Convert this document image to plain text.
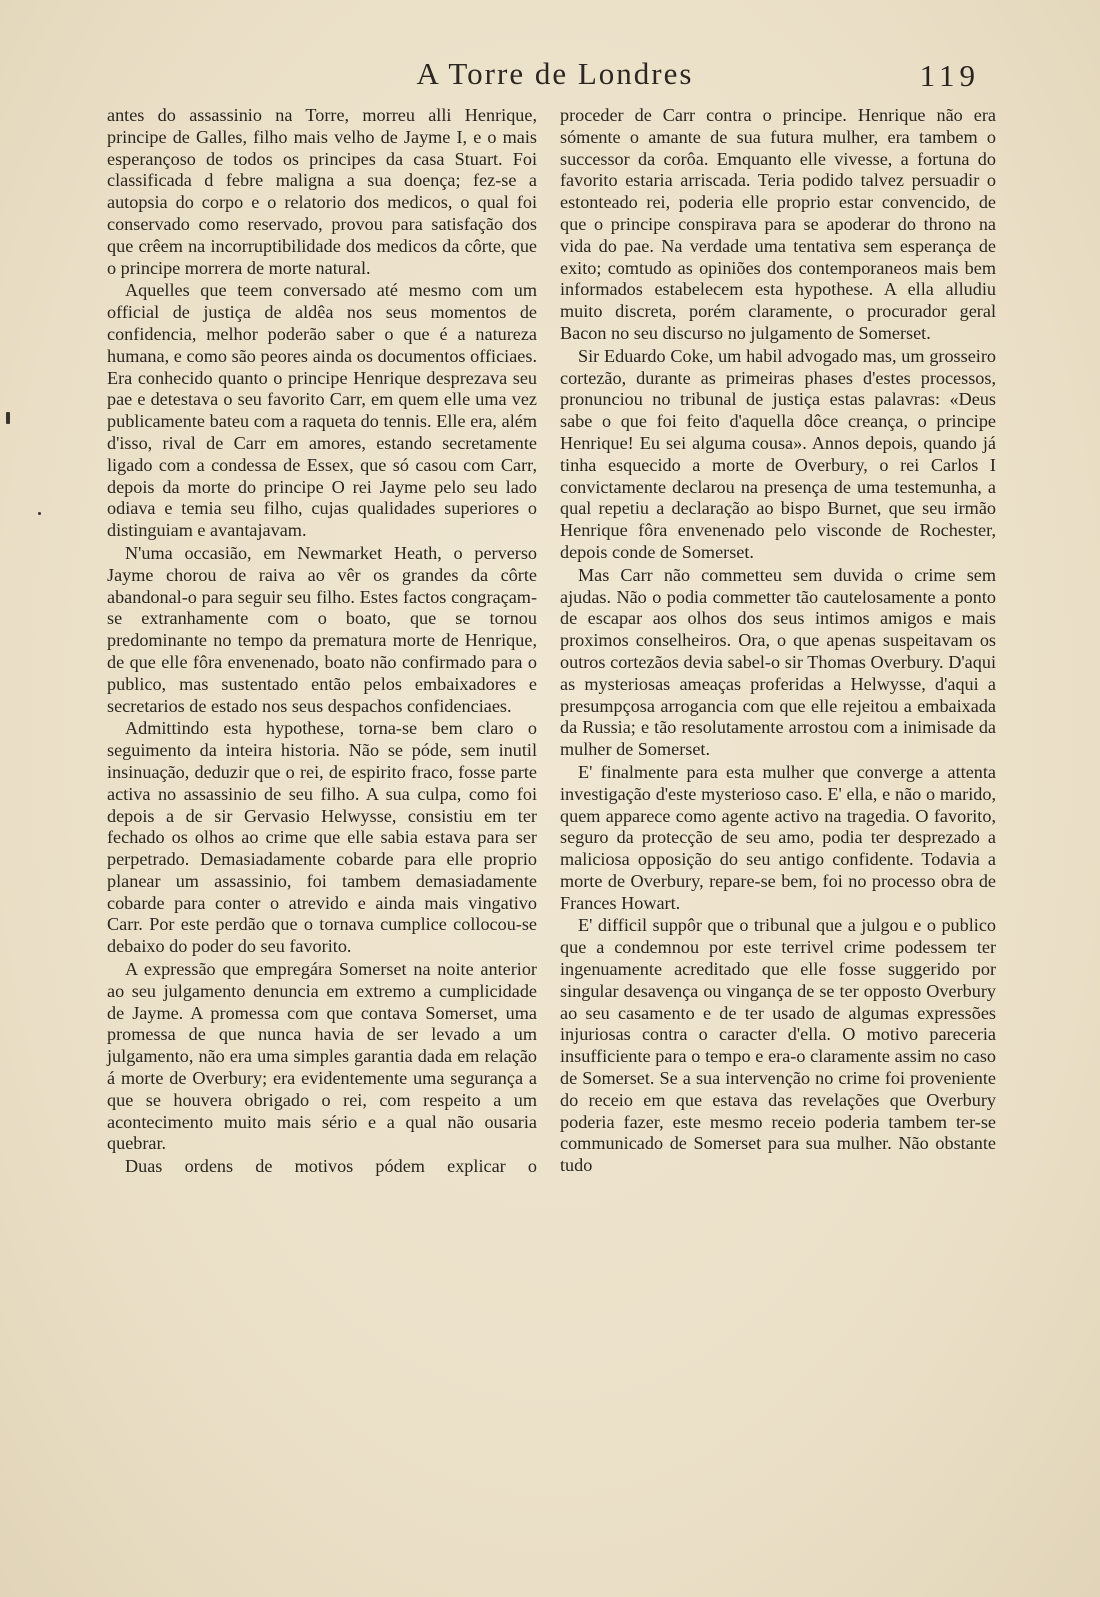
A Torre de Londres	119

antes do assassinio na Torre, morreu alli Henrique, principe de Galles, filho mais velho de Jayme I, e o mais esperançoso de todos os principes da casa Stuart. Foi classificada d febre maligna a sua doença; fez-se a autopsia do corpo e o relatorio dos medicos, o qual foi conservado como reservado, provou para satisfação dos que crêem na incorruptibilidade dos medicos da côrte, que o principe morrera de morte natural.

Aquelles que teem conversado até mesmo com um official de justiça de aldêa nos seus momentos de confidencia, melhor poderão saber o que é a natureza humana, e como são peores ainda os documentos officiaes. Era conhecido quanto o principe Henrique desprezava seu pae e detestava o seu favorito Carr, em quem elle uma vez publicamente bateu com a raqueta do tennis. Elle era, além d'isso, rival de Carr em amores, estando secretamente ligado com a condessa de Essex, que só casou com Carr, depois da morte do principe O rei Jayme pelo seu lado odiava e temia seu filho, cujas qualidades superiores o distinguiam e avantajavam.

N'uma occasião, em Newmarket Heath, o perverso Jayme chorou de raiva ao vêr os grandes da côrte abandonal-o para seguir seu filho. Estes factos congraçam-se extranhamente com o boato, que se tornou predominante no tempo da prematura morte de Henrique, de que elle fôra envenenado, boato não confirmado para o publico, mas sustentado então pelos embaixadores e secretarios de estado nos seus despachos confidenciaes.

Admittindo esta hypothese, torna-se bem claro o seguimento da inteira historia. Não se póde, sem inutil insinuação, deduzir que o rei, de espirito fraco, fosse parte activa no assassinio de seu filho. A sua culpa, como foi depois a de sir Gervasio Helwysse, consistiu em ter fechado os olhos ao crime que elle sabia estava para ser perpetrado. Demasiadamente cobarde para elle proprio planear um assassinio, foi tambem demasiadamente cobarde para conter o atrevido e ainda mais vingativo Carr. Por este perdão que o tornava cumplice collocou-se debaixo do poder do seu favorito.

A expressão que empregára Somerset na noite anterior ao seu julgamento denuncia em extremo a cumplicidade de Jayme. A promessa com que contava Somerset, uma promessa de que nunca havia de ser levado a um julgamento, não era uma simples garantia dada em relação á morte de Overbury; era evidentemente uma segurança a que se houvera obrigado o rei, com respeito a um acontecimento muito mais sério e a qual não ousaria quebrar.

Duas ordens de motivos pódem explicar o

proceder de Carr contra o principe. Henrique não era sómente o amante de sua futura mulher, era tambem o successor da corôa. Emquanto elle vivesse, a fortuna do favorito estaria arriscada. Teria podido talvez persuadir o estonteado rei, poderia elle proprio estar convencido, de que o principe conspirava para se apoderar do throno na vida do pae. Na verdade uma tentativa sem esperança de exito; comtudo as opiniões dos contemporaneos mais bem informados estabelecem esta hypothese. A ella alludiu muito discreta, porém claramente, o procurador geral Bacon no seu discurso no julgamento de Somerset.

Sir Eduardo Coke, um habil advogado mas, um grosseiro cortezão, durante as primeiras phases d'estes processos, pronunciou no tribunal de justiça estas palavras: «Deus sabe o que foi feito d'aquella dôce creança, o principe Henrique! Eu sei alguma cousa». Annos depois, quando já tinha esquecido a morte de Overbury, o rei Carlos I convictamente declarou na presença de uma testemunha, a qual repetiu a declaração ao bispo Burnet, que seu irmão Henrique fôra envenenado pelo visconde de Rochester, depois conde de Somerset.

Mas Carr não commetteu sem duvida o crime sem ajudas. Não o podia commetter tão cautelosamente a ponto de escapar aos olhos dos seus intimos amigos e mais proximos conselheiros. Ora, o que apenas suspeitavam os outros cortezãos devia sabel-o sir Thomas Overbury. D'aqui as mysteriosas ameaças proferidas a Helwysse, d'aqui a presumpçosa arrogancia com que elle rejeitou a embaixada da Russia; e tão resolutamente arrostou com a inimisade da mulher de Somerset.

E' finalmente para esta mulher que converge a attenta investigação d'este mysterioso caso. E' ella, e não o marido, quem apparece como agente activo na tragedia. O favorito, seguro da protecção de seu amo, podia ter desprezado a maliciosa opposição do seu antigo confidente. Todavia a morte de Overbury, repare-se bem, foi no processo obra de Frances Howart.

E' difficil suppôr que o tribunal que a julgou e o publico que a condemnou por este terrivel crime podessem ter ingenuamente acreditado que elle fosse suggerido por singular desavença ou vingança de se ter opposto Overbury ao seu casamento e de ter usado de algumas expressões injuriosas contra o caracter d'ella. O motivo pareceria insufficiente para o tempo e era-o claramente assim no caso de Somerset. Se a sua intervenção no crime foi proveniente do receio em que estava das revelações que Overbury poderia fazer, este mesmo receio poderia tambem ter-se communicado de Somerset para sua mulher. Não obstante tudo
